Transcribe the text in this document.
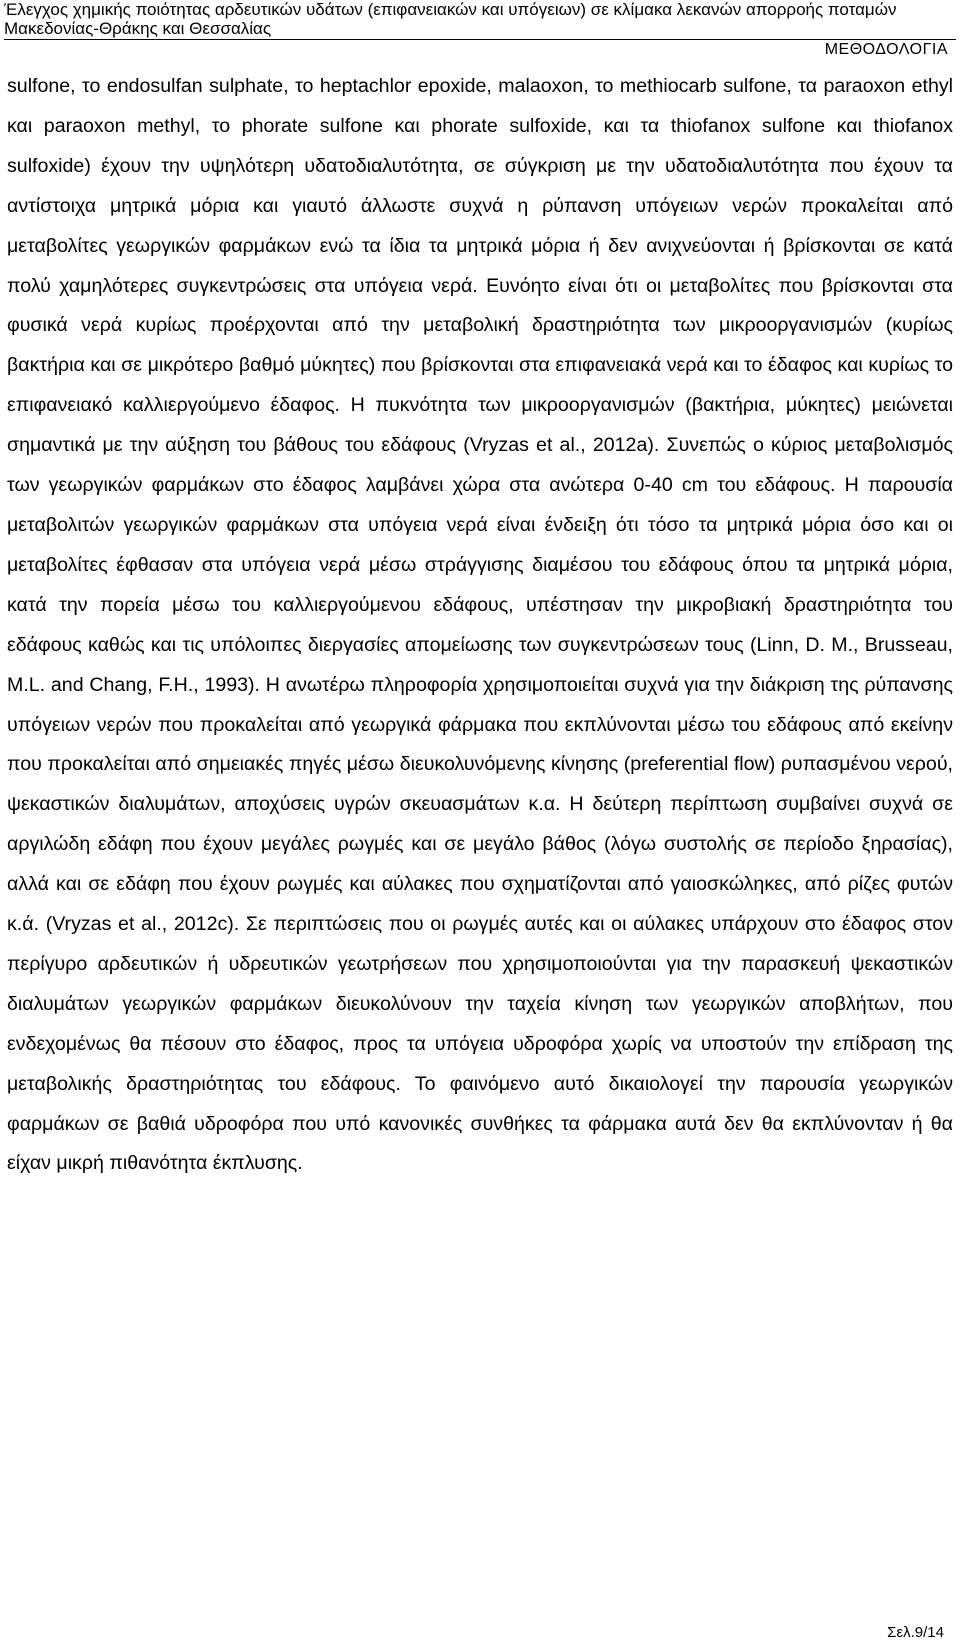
Έλεγχος χημικής ποιότητας αρδευτικών υδάτων (επιφανειακών και υπόγειων) σε κλίμακα λεκανών απορροής ποταμών
Μακεδονίας-Θράκης και Θεσσαλίας
ΜΕΘΟΔΟΛΟΓΙΑ

sulfone, το endosulfan sulphate, το heptachlor epoxide, malaoxon, το methiocarb sulfone, τα paraoxon ethyl και paraoxon methyl, το phorate sulfone και phorate sulfoxide, και τα thiofanox sulfone και thiofanox sulfoxide) έχουν την υψηλότερη υδατοδιαλυτότητα, σε σύγκριση με την υδατοδιαλυτότητα που έχουν τα αντίστοιχα μητρικά μόρια και γιαυτό άλλωστε συχνά η ρύπανση υπόγειων νερών προκαλείται από μεταβολίτες γεωργικών φαρμάκων ενώ τα ίδια τα μητρικά μόρια ή δεν ανιχνεύονται ή βρίσκονται σε κατά πολύ χαμηλότερες συγκεντρώσεις στα υπόγεια νερά. Ευνόητο είναι ότι οι μεταβολίτες που βρίσκονται στα φυσικά νερά κυρίως προέρχονται από την μεταβολική δραστηριότητα των μικροοργανισμών (κυρίως βακτήρια και σε μικρότερο βαθμό μύκητες) που βρίσκονται στα επιφανειακά νερά και το έδαφος και κυρίως το επιφανειακό καλλιεργούμενο έδαφος. Η πυκνότητα των μικροοργανισμών (βακτήρια, μύκητες) μειώνεται σημαντικά με την αύξηση του βάθους του εδάφους (Vryzas et al., 2012a). Συνεπώς ο κύριος μεταβολισμός των γεωργικών φαρμάκων στο έδαφος λαμβάνει χώρα στα ανώτερα 0-40 cm του εδάφους. Η παρουσία μεταβολιτών γεωργικών φαρμάκων στα υπόγεια νερά είναι ένδειξη ότι τόσο τα μητρικά μόρια όσο και οι μεταβολίτες έφθασαν στα υπόγεια νερά μέσω στράγγισης διαμέσου του εδάφους όπου τα μητρικά μόρια, κατά την πορεία μέσω του καλλιεργούμενου εδάφους, υπέστησαν την μικροβιακή δραστηριότητα του εδάφους καθώς και τις υπόλοιπες διεργασίες απομείωσης των συγκεντρώσεων τους (Linn, D. M., Brusseau, M.L. and Chang, F.H., 1993). Η ανωτέρω πληροφορία χρησιμοποιείται συχνά για την διάκριση της ρύπανσης υπόγειων νερών που προκαλείται από γεωργικά φάρμακα που εκπλύνονται μέσω του εδάφους από εκείνην που προκαλείται από σημειακές πηγές μέσω διευκολυνόμενης κίνησης (preferential flow) ρυπασμένου νερού, ψεκαστικών διαλυμάτων, αποχύσεις υγρών σκευασμάτων κ.α. Η δεύτερη περίπτωση συμβαίνει συχνά σε αργιλώδη εδάφη που έχουν μεγάλες ρωγμές και σε μεγάλο βάθος (λόγω συστολής σε περίοδο ξηρασίας), αλλά και σε εδάφη που έχουν ρωγμές και αύλακες που σχηματίζονται από γαιοσκώληκες, από ρίζες φυτών κ.ά. (Vryzas et al., 2012c). Σε περιπτώσεις που οι ρωγμές αυτές και οι αύλακες υπάρχουν στο έδαφος στον περίγυρο αρδευτικών ή υδρευτικών γεωτρήσεων που χρησιμοποιούνται για την παρασκευή ψεκαστικών διαλυμάτων γεωργικών φαρμάκων διευκολύνουν την ταχεία κίνηση των γεωργικών αποβλήτων, που ενδεχομένως θα πέσουν στο έδαφος, προς τα υπόγεια υδροφόρα χωρίς να υποστούν την επίδραση της μεταβολικής δραστηριότητας του εδάφους. Το φαινόμενο αυτό δικαιολογεί την παρουσία γεωργικών φαρμάκων σε βαθιά υδροφόρα που υπό κανονικές συνθήκες τα φάρμακα αυτά δεν θα εκπλύνονταν ή θα είχαν μικρή πιθανότητα έκπλυσης.

Σελ.9/14
